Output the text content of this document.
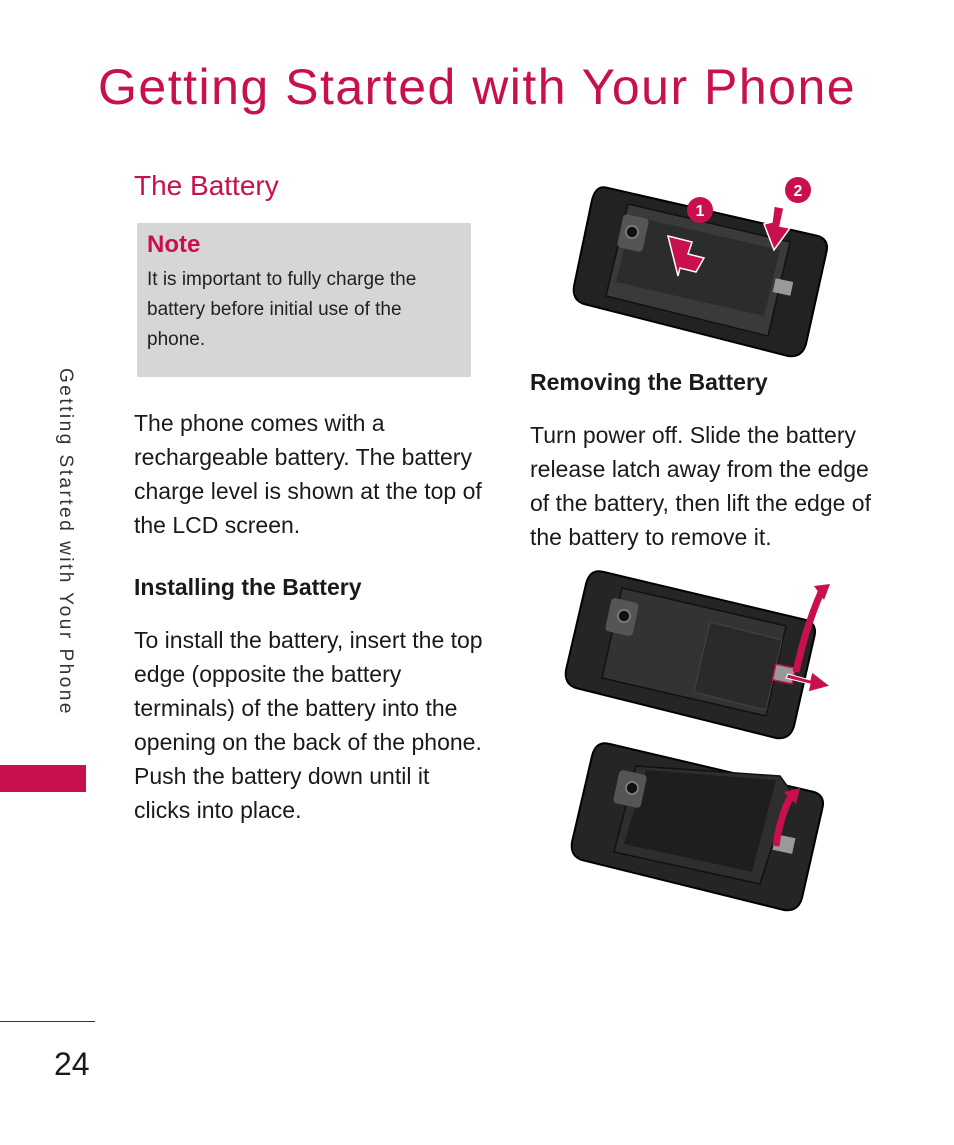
Getting Started with Your Phone
Getting Started with Your Phone
The Battery

Note

It is important to fully charge the battery before initial use of the phone.

The phone comes with a rechargeable battery. The battery charge level is shown at the top of the LCD screen.

Installing the Battery

To install the battery, insert the top edge (opposite the battery terminals) of the battery into the opening on the back of the phone. Push the battery down until it clicks into place.

Removing the Battery

Turn power off. Slide the battery release latch away from the edge of the battery, then lift the edge of the battery to remove it.

1
2
24
